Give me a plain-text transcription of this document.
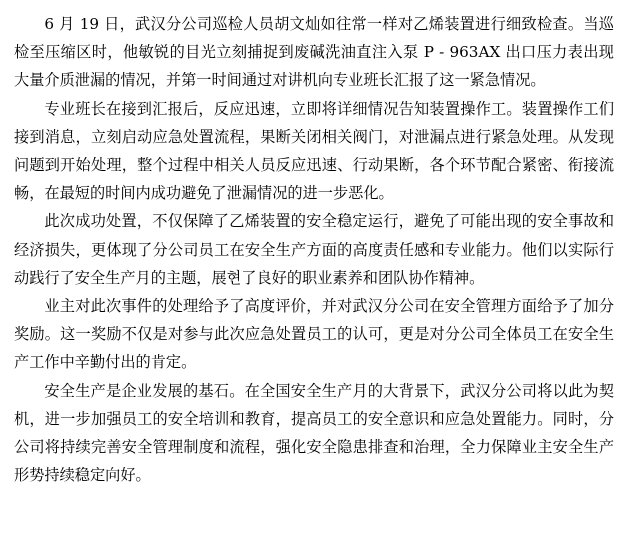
6 月 19 日，武汉分公司巡检人员胡文灿如往常一样对乙烯装置进行细致检查。当巡检至压缩区时，他敏锐的目光立刻捕捉到废碱洗油直注入泵 P - 963AX 出口压力表出现大量介质泄漏的情况，并第一时间通过对讲机向专业班长汇报了这一紧急情况。

专业班长在接到汇报后，反应迅速，立即将详细情况告知装置操作工。装置操作工们接到消息，立刻启动应急处置流程，果断关闭相关阀门，对泄漏点进行紧急处理。从发现问题到开始处理，整个过程中相关人员反应迅速、行动果断，各个环节配合紧密、衔接流畅，在最短的时间内成功避免了泄漏情况的进一步恶化。

此次成功处置，不仅保障了乙烯装置的安全稳定运行，避免了可能出现的安全事故和经济损失，更体现了分公司员工在安全生产方面的高度责任感和专业能力。他们以实际行动践行了安全生产月的主题，展현了良好的职业素养和团队协作精神。

业主对此次事件的处理给予了高度评价，并对武汉分公司在安全管理方面给予了加分奖励。这一奖励不仅是对参与此次应急处置员工的认可，更是对分公司全体员工在安全生产工作中辛勤付出的肯定。

安全生产是企业发展的基石。在全国安全生产月的大背景下，武汉分公司将以此为契机，进一步加强员工的安全培训和教育，提高员工的安全意识和应急处置能力。同时，分公司将持续完善安全管理制度和流程，强化安全隐患排查和治理，全力保障业主安全生产形势持续稳定向好。
